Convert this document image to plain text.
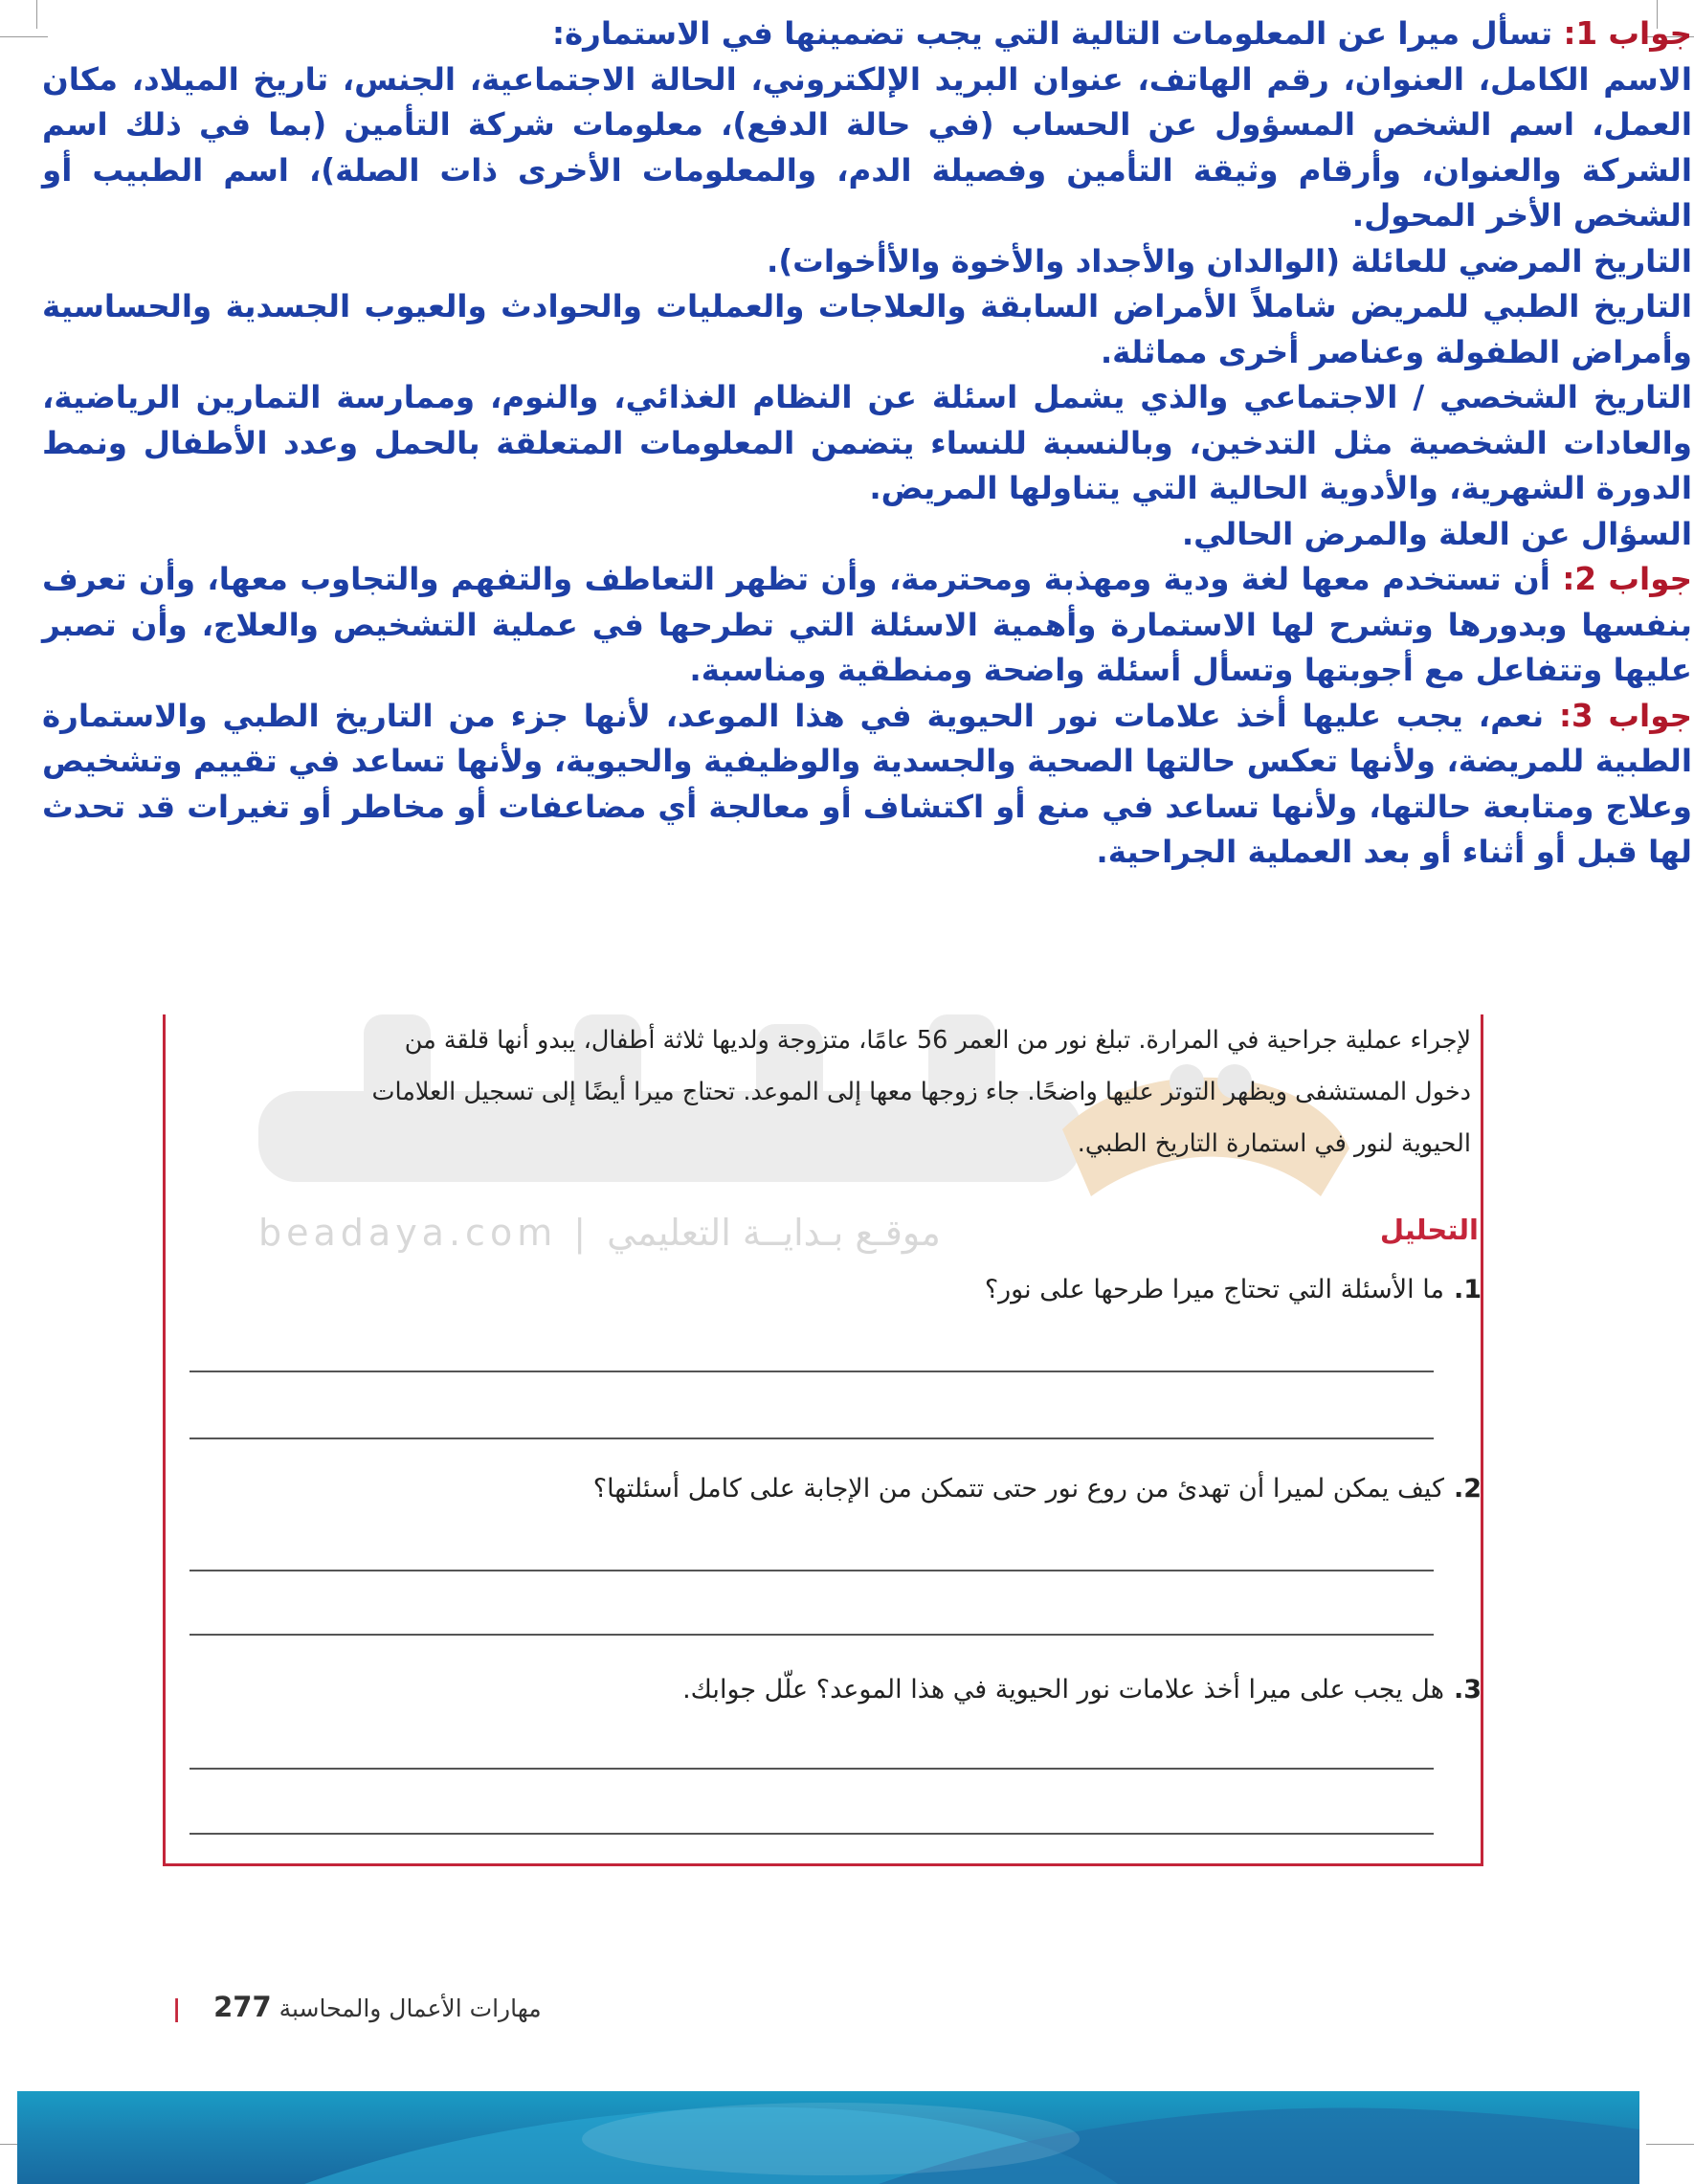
جواب 1: تسأل ميرا عن المعلومات التالية التي يجب تضمينها في الاستمارة:

الاسم الكامل، العنوان، رقم الهاتف، عنوان البريد الإلكتروني، الحالة الاجتماعية، الجنس، تاريخ الميلاد، مكان العمل، اسم الشخص المسؤول عن الحساب (في حالة الدفع)، معلومات شركة التأمين (بما في ذلك اسم الشركة والعنوان، وأرقام وثيقة التأمين وفصيلة الدم، والمعلومات الأخرى ذات الصلة)، اسم الطبيب أو الشخص الأخر المحول.

التاريخ المرضي للعائلة (الوالدان والأجداد والأخوة والأأخوات).

التاريخ الطبي للمريض شاملاً الأمراض السابقة والعلاجات والعمليات والحوادث والعيوب الجسدية والحساسية وأمراض الطفولة وعناصر أخرى مماثلة.

التاريخ الشخصي / الاجتماعي والذي يشمل اسئلة عن النظام الغذائي، والنوم، وممارسة التمارين الرياضية، والعادات الشخصية مثل التدخين، وبالنسبة للنساء يتضمن المعلومات المتعلقة بالحمل وعدد الأطفال ونمط الدورة الشهرية، والأدوية الحالية التي يتناولها المريض.

السؤال عن العلة والمرض الحالي.

جواب 2: أن تستخدم معها لغة ودية ومهذبة ومحترمة، وأن تظهر التعاطف والتفهم والتجاوب معها، وأن تعرف بنفسها وبدورها وتشرح لها الاستمارة وأهمية الاسئلة التي تطرحها في عملية التشخيص والعلاج، وأن تصبر عليها وتتفاعل مع أجوبتها وتسأل أسئلة واضحة ومنطقية ومناسبة.

جواب 3: نعم، يجب عليها أخذ علامات نور الحيوية في هذا الموعد، لأنها جزء من التاريخ الطبي والاستمارة الطبية للمريضة، ولأنها تعكس حالتها الصحية والجسدية والوظيفية والحيوية، ولأنها تساعد في تقييم وتشخيص وعلاج ومتابعة حالتها، ولأنها تساعد في منع أو اكتشاف أو معالجة أي مضاعفات أو مخاطر أو تغيرات قد تحدث لها قبل أو أثناء أو بعد العملية الجراحية.

beadaya.com | موقـع بـدايــة التعليمي

لإجراء عملية جراحية في المرارة. تبلغ نور من العمر 56 عامًا، متزوجة ولديها ثلاثة أطفال، يبدو أنها قلقة من

دخول المستشفى ويظهر التوتر عليها واضحًا. جاء زوجها معها إلى الموعد. تحتاج ميرا أيضًا إلى تسجيل العلامات

الحيوية لنور في استمارة التاريخ الطبي.

التحليل
1.ما الأسئلة التي تحتاج ميرا طرحها على نور؟
2.كيف يمكن لميرا أن تهدئ من روع نور حتى تتمكن من الإجابة على كامل أسئلتها؟
3.هل يجب على ميرا أخذ علامات نور الحيوية في هذا الموعد؟ علّل جوابك.
مهارات الأعمال والمحاسبة 277 |
